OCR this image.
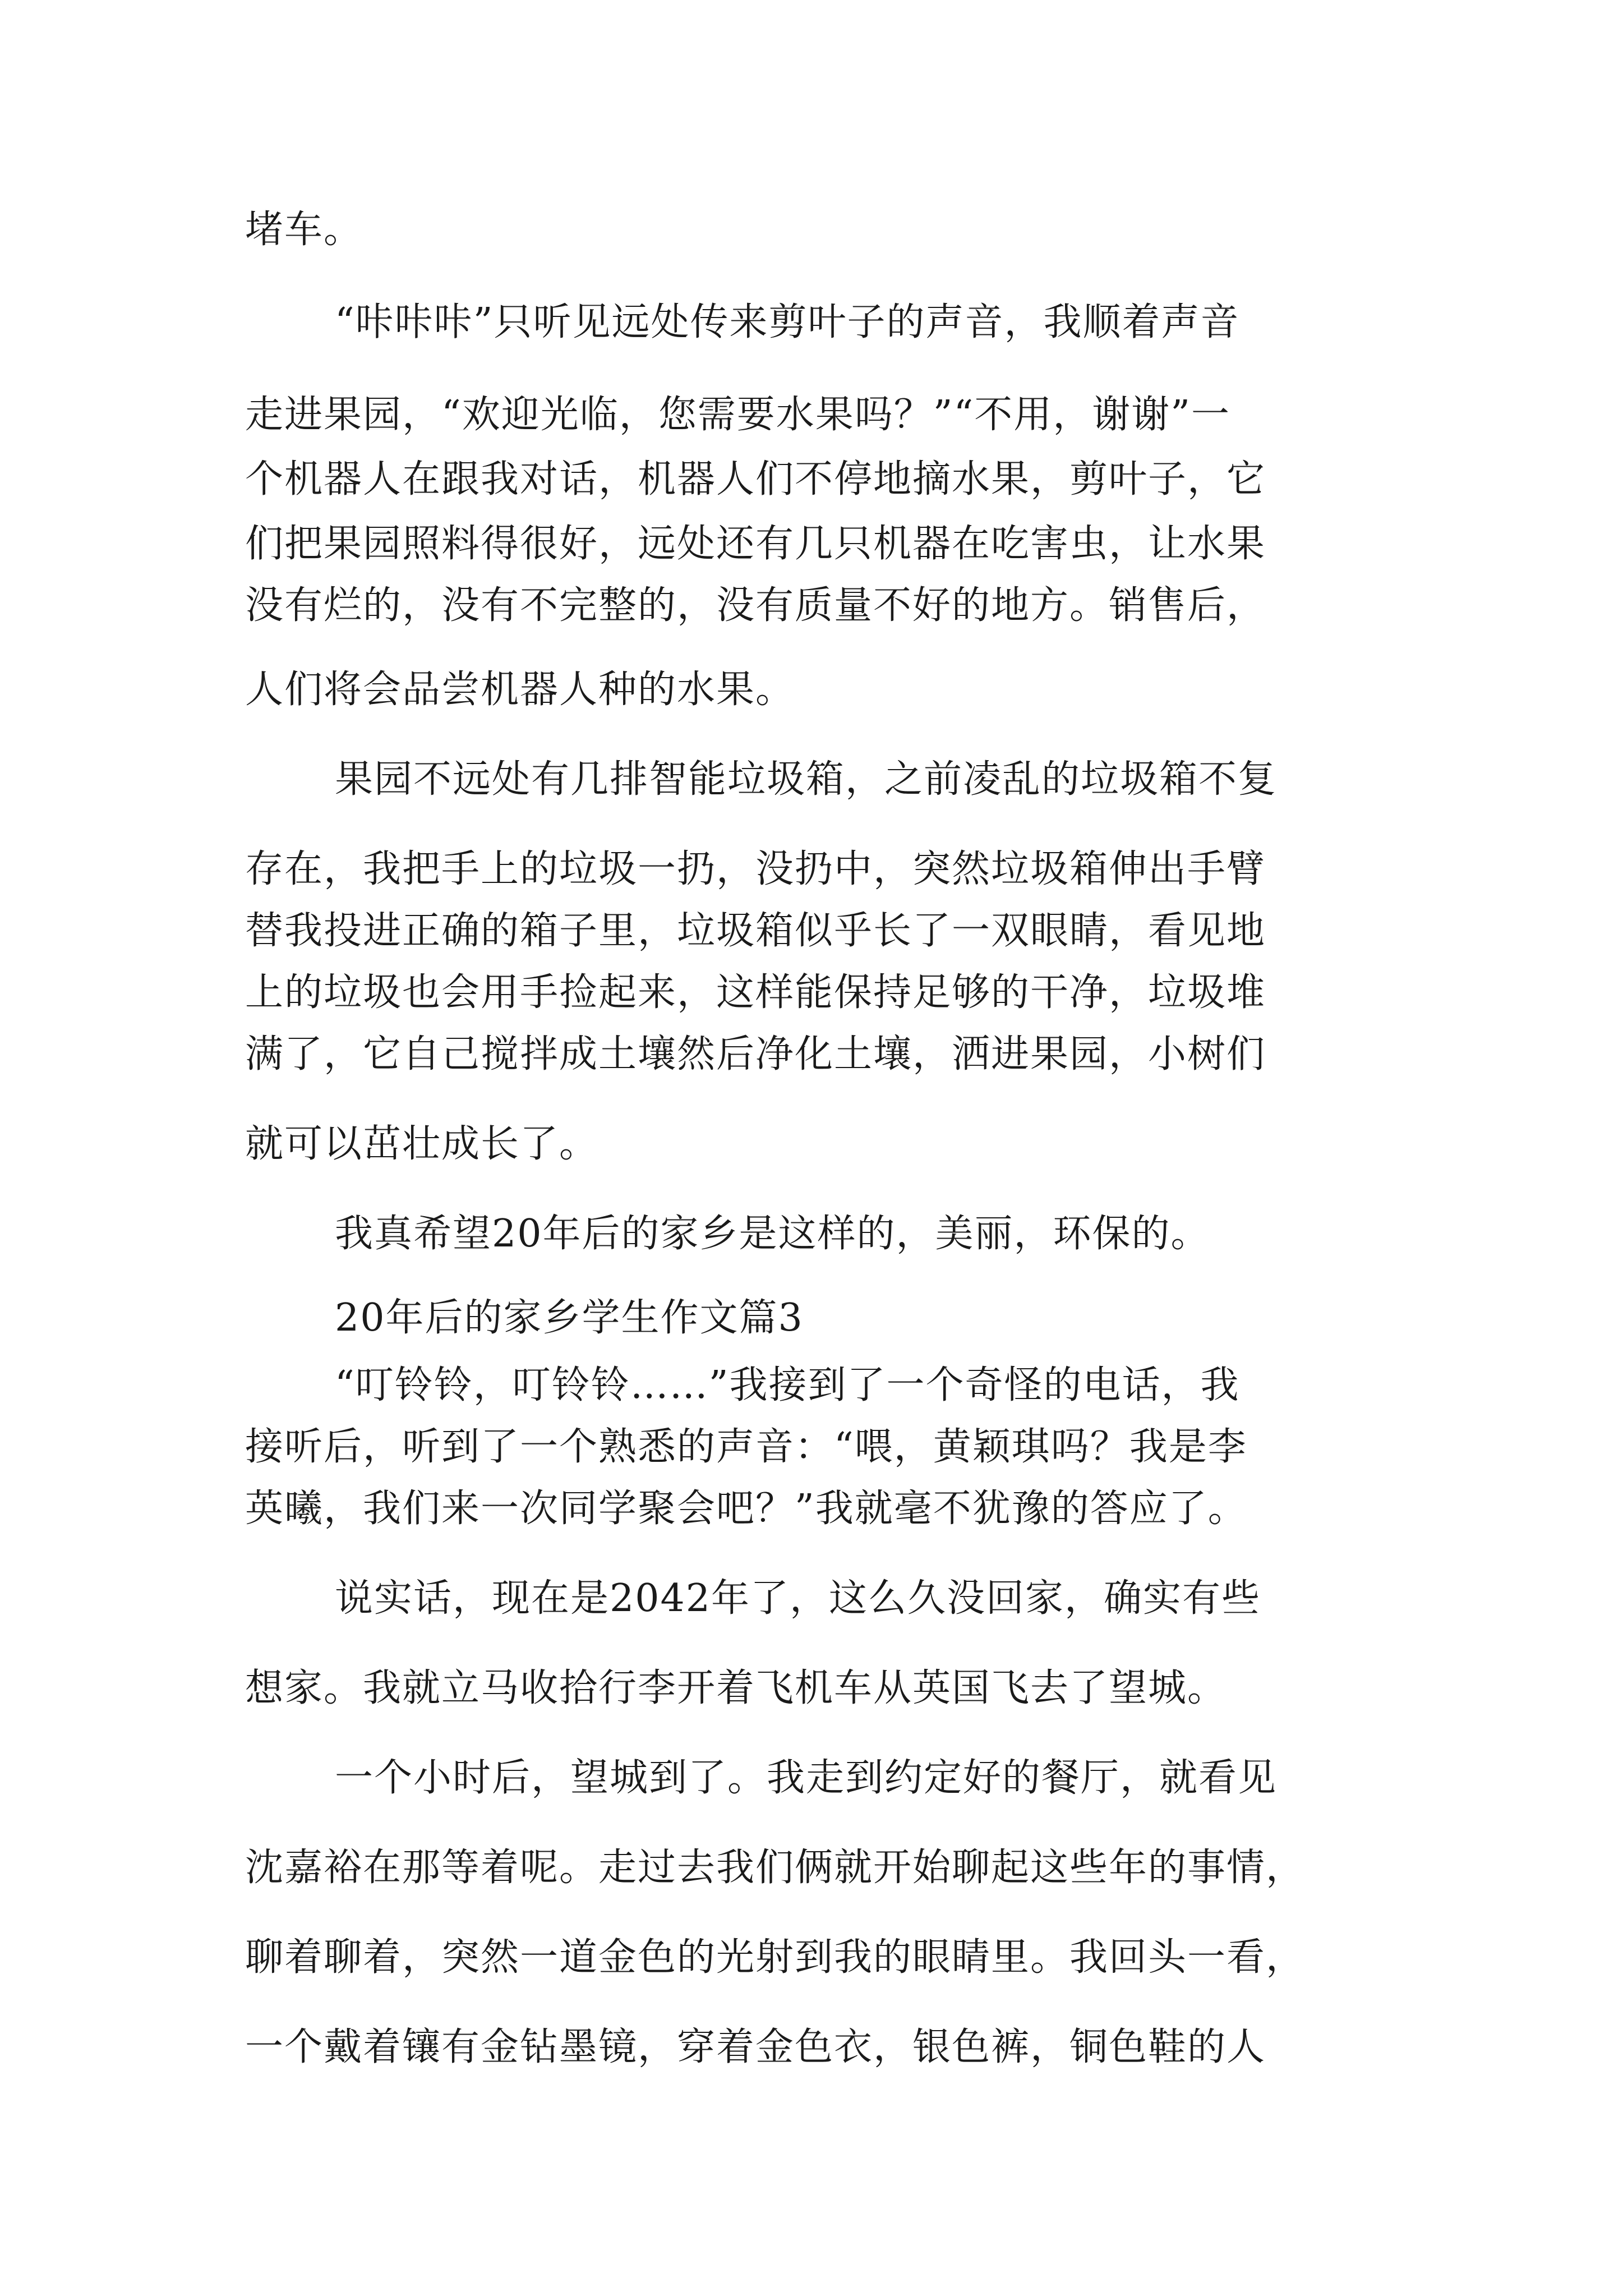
堵车。
“咔咔咔”只听见远处传来剪叶子的声音，我顺着声音
走进果园，“欢迎光临，您需要水果吗？”“不用，谢谢”一
个机器人在跟我对话，机器人们不停地摘水果，剪叶子，它
们把果园照料得很好，远处还有几只机器在吃害虫，让水果
没有烂的，没有不完整的，没有质量不好的地方。销售后，
人们将会品尝机器人种的水果。
果园不远处有几排智能垃圾箱，之前凌乱的垃圾箱不复
存在，我把手上的垃圾一扔，没扔中，突然垃圾箱伸出手臂
替我投进正确的箱子里，垃圾箱似乎长了一双眼睛，看见地
上的垃圾也会用手捡起来，这样能保持足够的干净，垃圾堆
满了，它自己搅拌成土壤然后净化土壤，洒进果园，小树们
就可以茁壮成长了。
我真希望20年后的家乡是这样的，美丽，环保的。
20年后的家乡学生作文篇3
“叮铃铃，叮铃铃……”我接到了一个奇怪的电话，我
接听后，听到了一个熟悉的声音：“喂，黄颖琪吗？我是李
英曦，我们来一次同学聚会吧？”我就毫不犹豫的答应了。
说实话，现在是2042年了，这么久没回家，确实有些
想家。我就立马收拾行李开着飞机车从英国飞去了望城。
一个小时后，望城到了。我走到约定好的餐厅，就看见
沈嘉裕在那等着呢。走过去我们俩就开始聊起这些年的事情，
聊着聊着，突然一道金色的光射到我的眼睛里。我回头一看，
一个戴着镶有金钻墨镜，穿着金色衣，银色裤，铜色鞋的人
